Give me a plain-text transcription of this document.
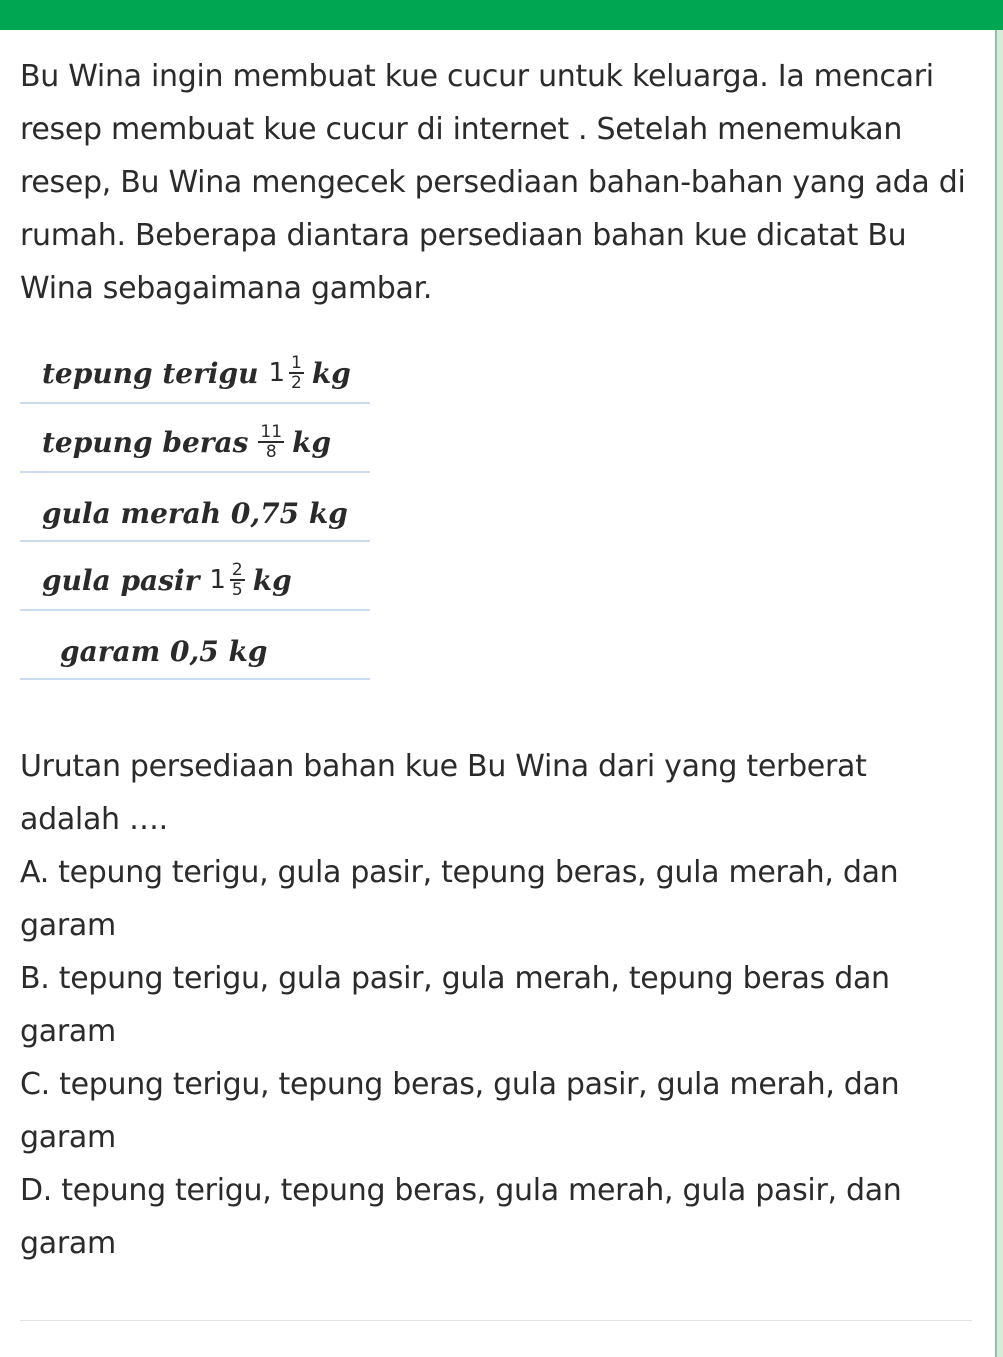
Bu Wina ingin membuat kue cucur untuk keluarga. Ia mencari resep membuat kue cucur di internet . Setelah menemukan resep, Bu Wina mengecek persediaan bahan-bahan yang ada di rumah. Beberapa diantara persediaan bahan kue dicatat Bu Wina sebagaimana gambar.

tepung terigu $1 \frac{1}{2}$ kg
tepung beras $\frac{11}{8}$ kg
gula merah 0,75 kg
gula pasir $1 \frac{2}{5}$ kg
garam 0,5 kg

Urutan persediaan bahan kue Bu Wina dari yang terberat adalah ….

A. tepung terigu, gula pasir, tepung beras, gula merah, dan garam

B. tepung terigu, gula pasir, gula merah, tepung beras dan garam

C. tepung terigu, tepung beras, gula pasir, gula merah, dan garam

D. tepung terigu, tepung beras, gula merah, gula pasir, dan garam
